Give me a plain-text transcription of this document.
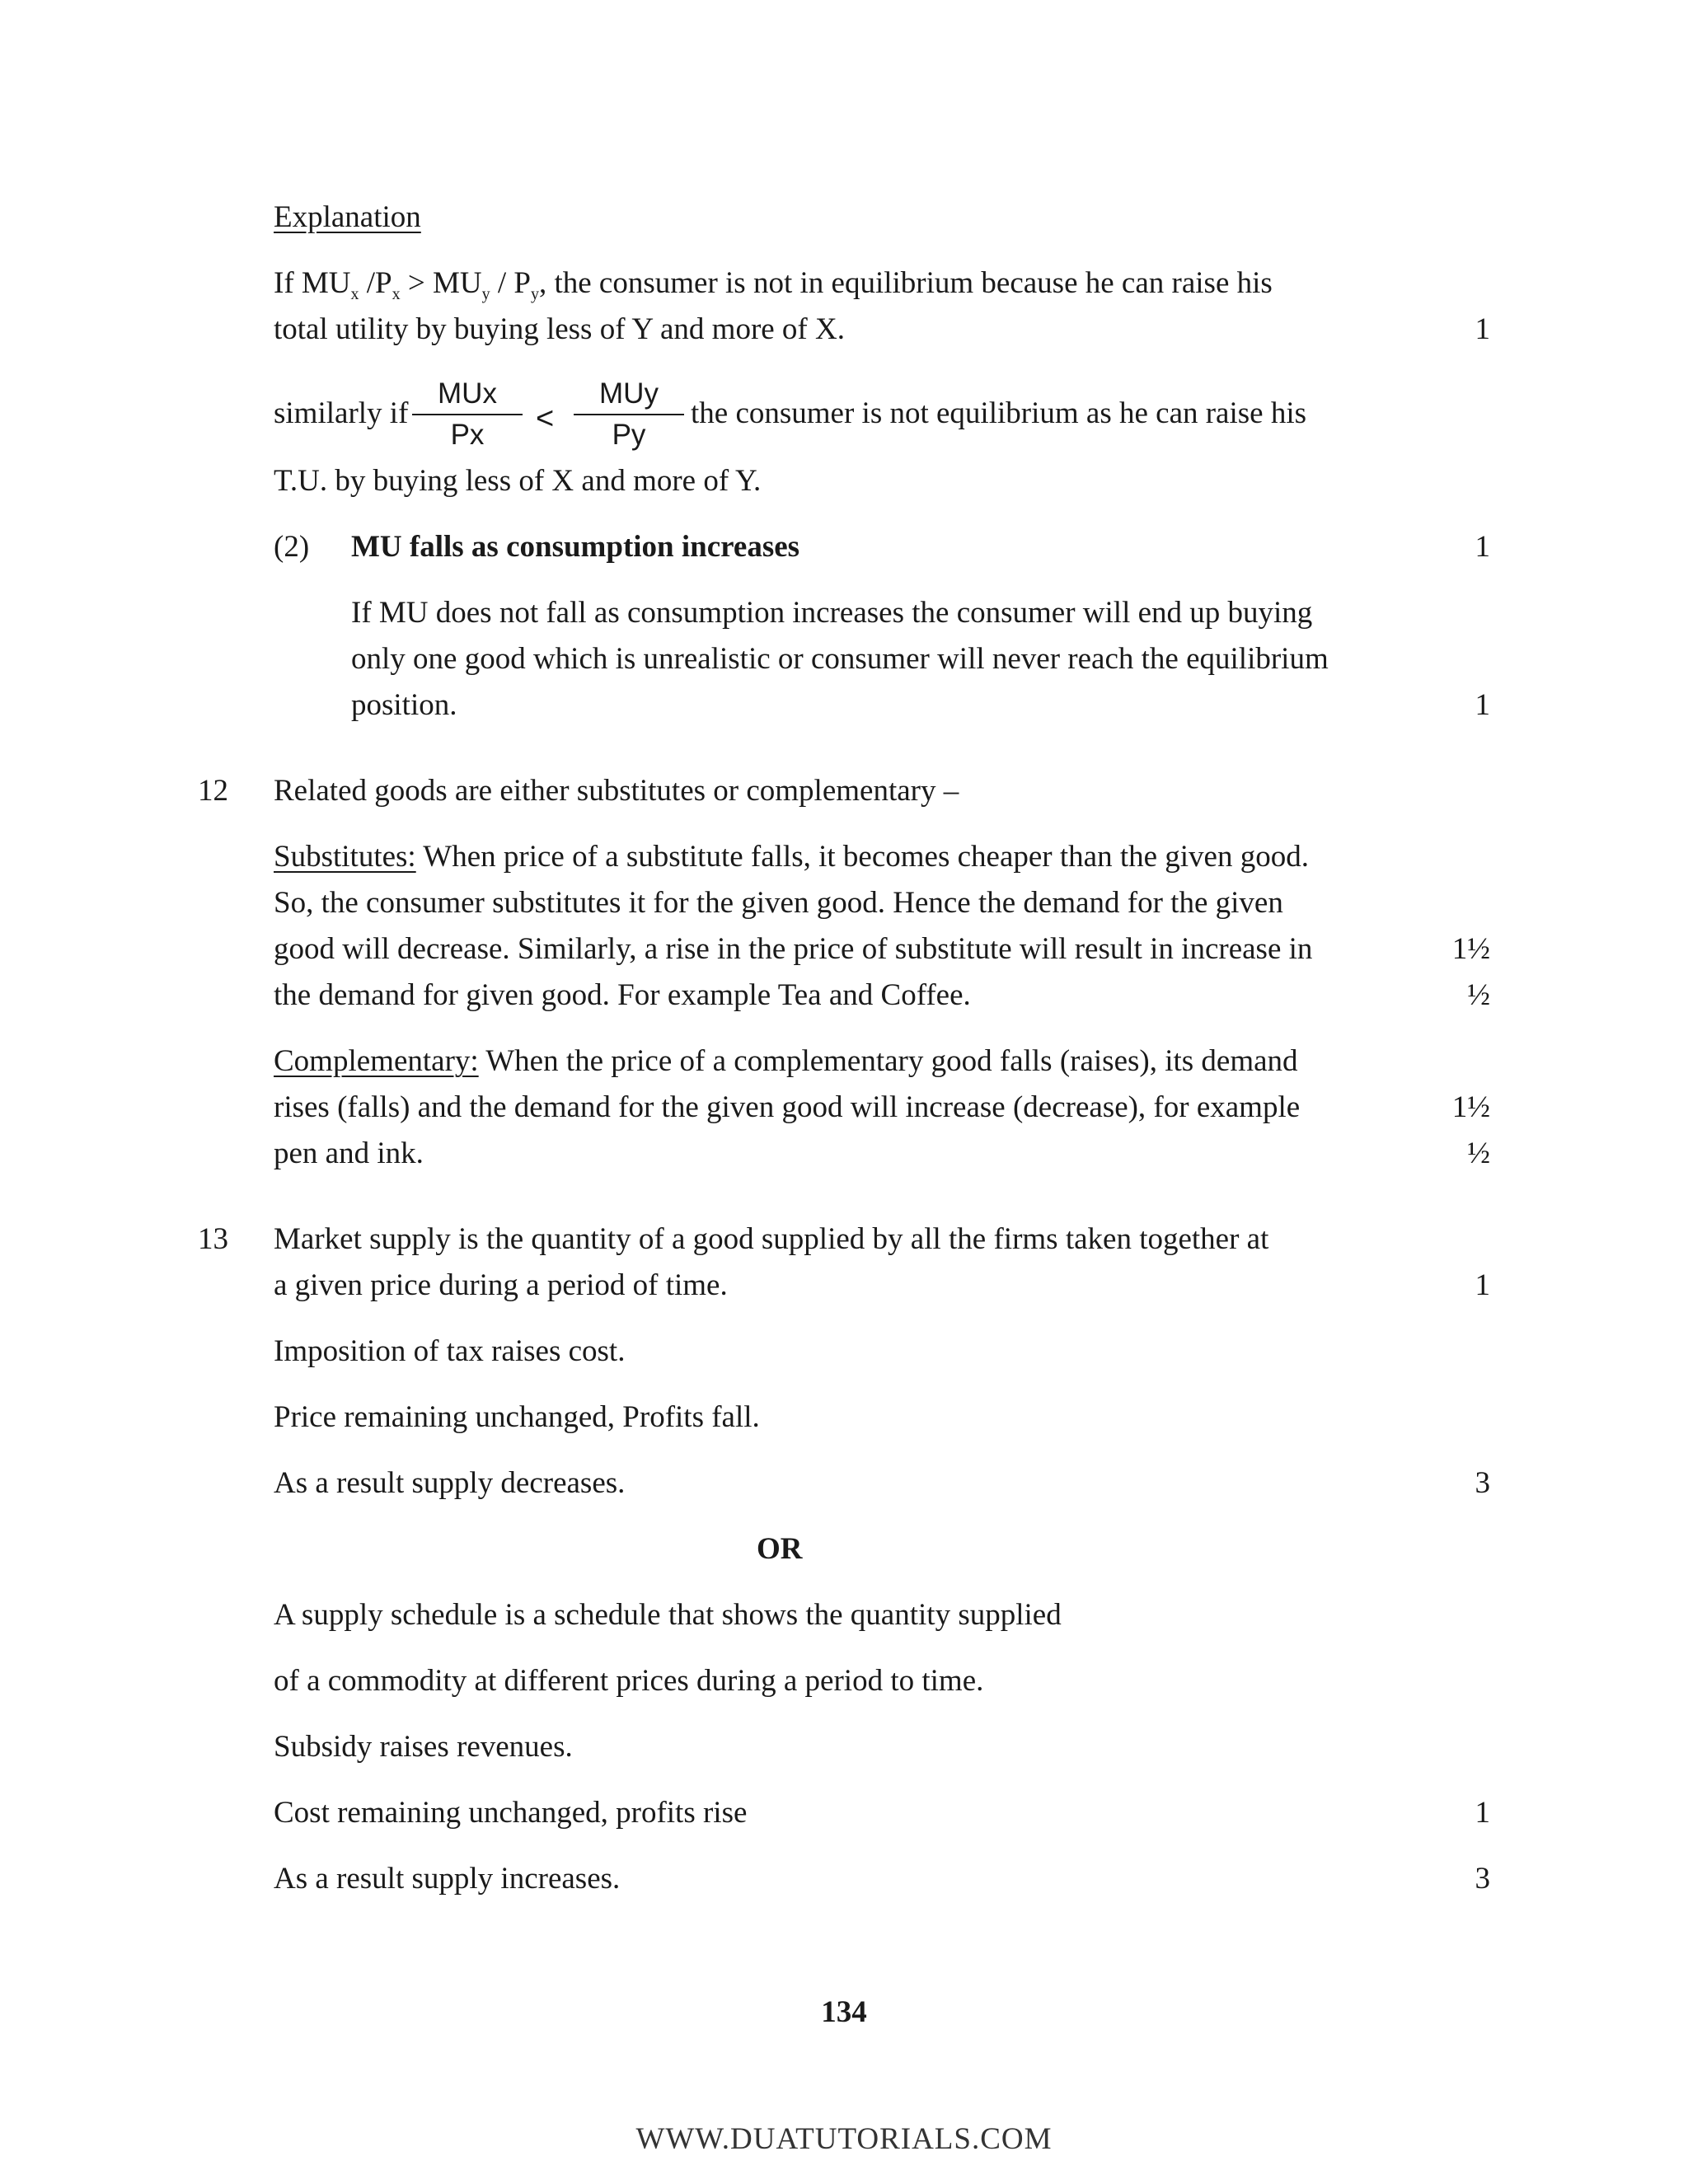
Explanation
If $MU_x$ $/P_x > MU_y / P_y$, the consumer is not in equilibrium because he can raise his
total utility by buying less of Y and more of X.	1
similarly if
MUx
Px	<
MUy
Py
the consumer is not equilibrium as he can raise his
T.U. by buying less of X and more of Y.
(2) MU falls as consumption increases	1
If MU does not fall as consumption increases the consumer will end up buying
only one good which is unrealistic or consumer will never reach the equilibrium
position.	1
12 Related goods are either substitutes or complementary –
Substitutes: When price of a substitute falls, it becomes cheaper than the given good.
So, the consumer substitutes it for the given good. Hence the demand for the given
good will decrease. Similarly, a rise in the price of substitute will result in increase in	1½
the demand for given good. For example Tea and Coffee.	½
Complementary: When the price of a complementary good falls (raises), its demand
rises (falls) and the demand for the given good will increase (decrease), for example	1½
pen and ink.	½
13 Market supply is the quantity of a good supplied by all the firms taken together at
a given price during a period of time.	1
Imposition of tax raises cost.
Price remaining unchanged, Profits fall.
As a result supply decreases.	3
OR
A supply schedule is a schedule that shows the quantity supplied
of a commodity at different prices during a period to time.
Subsidy raises revenues.
Cost remaining unchanged, profits rise	1
As a result supply increases.	3
134
WWW.DUATUTORIALS.COM
